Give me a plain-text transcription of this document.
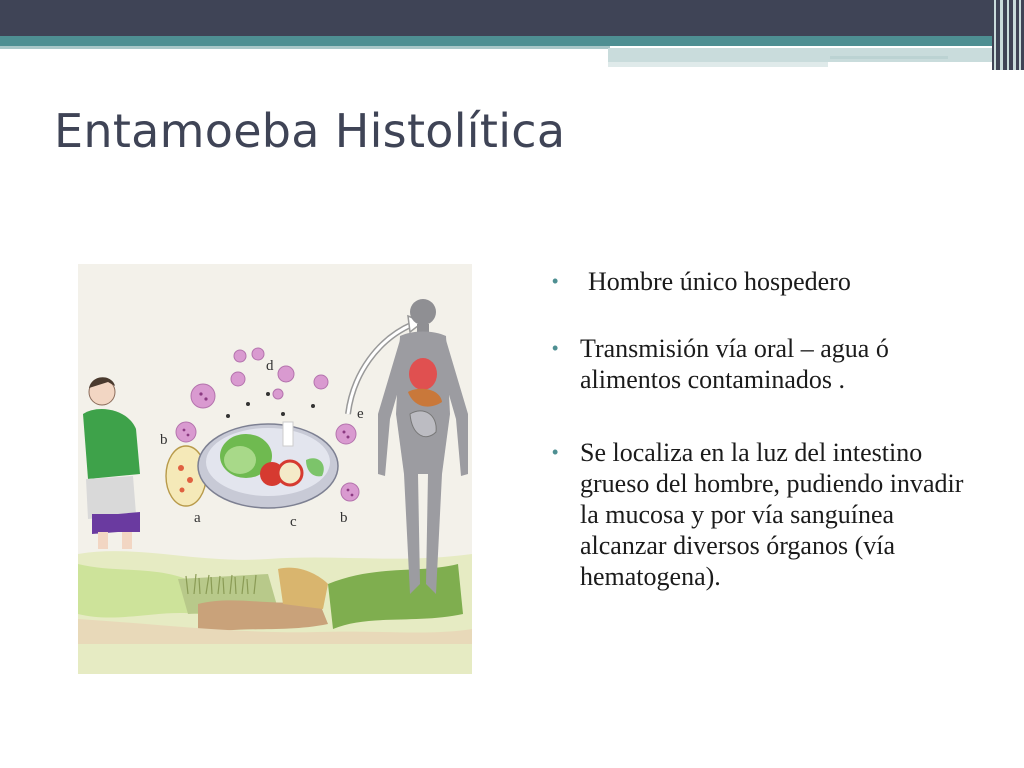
Entamoeba Histolítica
b
a	c
d
e
b
• Hombre único hospedero
• Transmisión vía oral – agua ó alimentos contaminados .
• Se localiza en la luz del intestino grueso del hombre, pudiendo invadir la mucosa y por vía sanguínea alcanzar diversos órganos (vía hematogena).
